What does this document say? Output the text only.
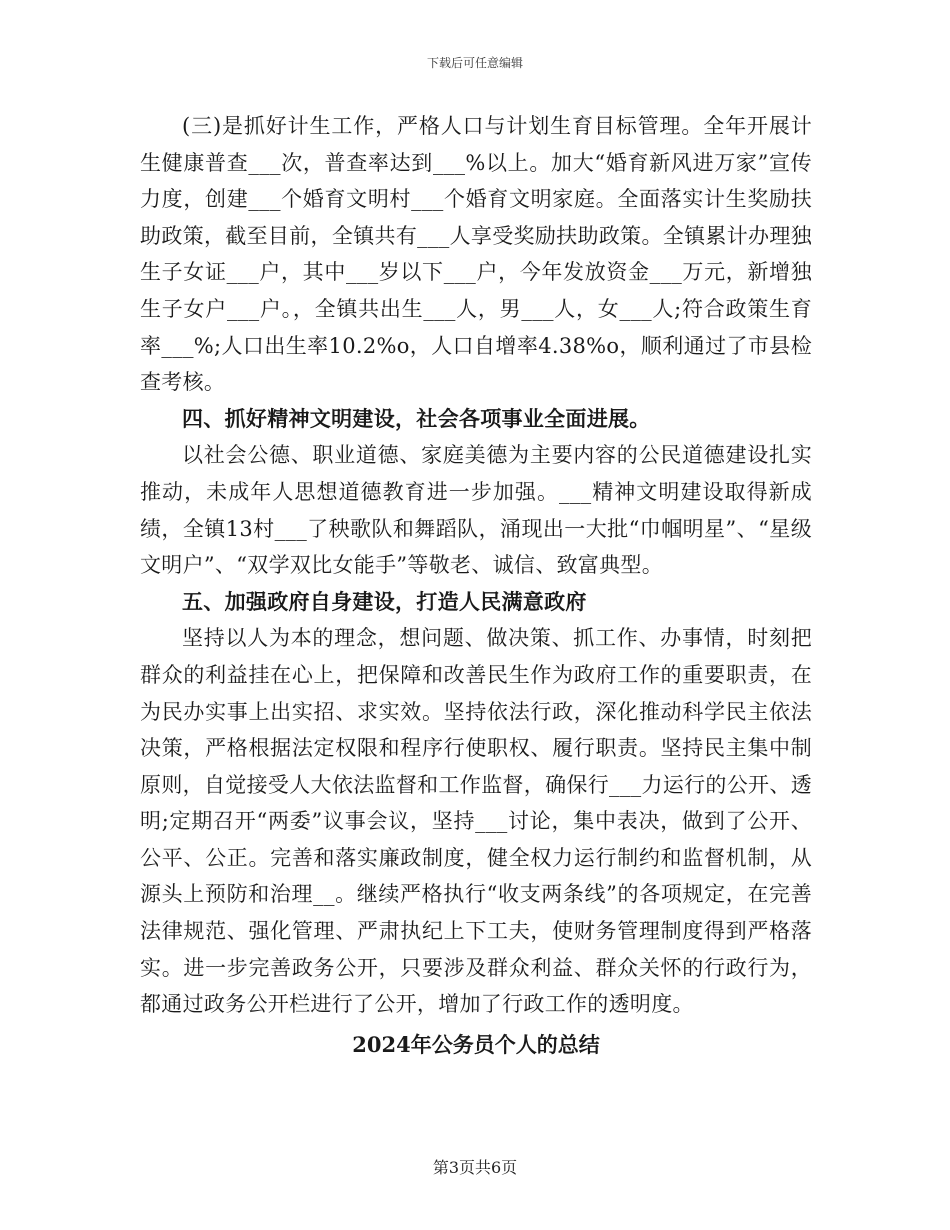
下载后可任意编辑

(三)是抓好计生工作，严格人口与计划生育目标管理。全年开展计生健康普查___次，普查率达到___%以上。加大“婚育新风进万家”宣传力度，创建___个婚育文明村___个婚育文明家庭。全面落实计生奖励扶助政策，截至目前，全镇共有___人享受奖励扶助政策。全镇累计办理独生子女证___户，其中___岁以下___户，今年发放资金___万元，新增独生子女户___户。，全镇共出生___人，男___人，女___人;符合政策生育率___%;人口出生率10.2%o，人口自增率4.38%o，顺利通过了市县检查考核。

四、抓好精神文明建设，社会各项事业全面进展。

以社会公德、职业道德、家庭美德为主要内容的公民道德建设扎实推动，未成年人思想道德教育进一步加强。___精神文明建设取得新成绩，全镇13村___了秧歌队和舞蹈队，涌现出一大批“巾帼明星”、“星级文明户”、“双学双比女能手”等敬老、诚信、致富典型。

五、加强政府自身建设，打造人民满意政府

坚持以人为本的理念，想问题、做决策、抓工作、办事情，时刻把群众的利益挂在心上，把保障和改善民生作为政府工作的重要职责，在为民办实事上出实招、求实效。坚持依法行政，深化推动科学民主依法决策，严格根据法定权限和程序行使职权、履行职责。坚持民主集中制原则，自觉接受人大依法监督和工作监督，确保行___力运行的公开、透明;定期召开“两委”议事会议，坚持___讨论，集中表决，做到了公开、公平、公正。完善和落实廉政制度，健全权力运行制约和监督机制，从源头上预防和治理__。继续严格执行“收支两条线”的各项规定，在完善法律规范、强化管理、严肃执纪上下工夫，使财务管理制度得到严格落实。进一步完善政务公开，只要涉及群众利益、群众关怀的行政行为，都通过政务公开栏进行了公开，增加了行政工作的透明度。

2024年公务员个人的总结

第3页共6页
